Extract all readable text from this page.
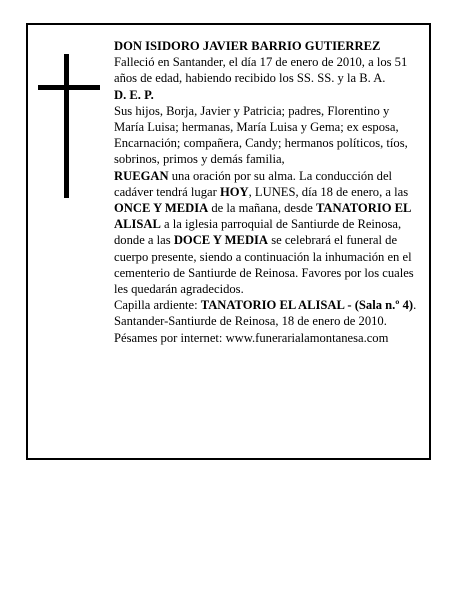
DON ISIDORO JAVIER BARRIO GUTIERREZ

Falleció en Santander, el día 17 de enero de 2010, a los 51 años de edad, habiendo recibido los SS. SS. y la B. A.

D. E. P.

Sus hijos, Borja, Javier y Patricia; padres, Florentino y María Luisa; hermanas, María Luisa y Gema; ex esposa, Encarnación; compañera, Candy; hermanos políticos, tíos, sobrinos, primos y demás familia,

RUEGAN una oración por su alma. La conducción del cadáver tendrá lugar HOY, LUNES, día 18 de enero, a las ONCE Y MEDIA de la mañana, desde TANATORIO EL ALISAL a la iglesia parroquial de Santiurde de Reinosa, donde a las DOCE Y MEDIA se celebrará el funeral de cuerpo presente, siendo a continuación la inhumación en el cementerio de Santiurde de Reinosa. Favores por los cuales les quedarán agradecidos.

Capilla ardiente: TANATORIO EL ALISAL - (Sala n.º 4).

Santander-Santiurde de Reinosa, 18 de enero de 2010.

Pésames por internet: www.funerarialamontanesa.com
